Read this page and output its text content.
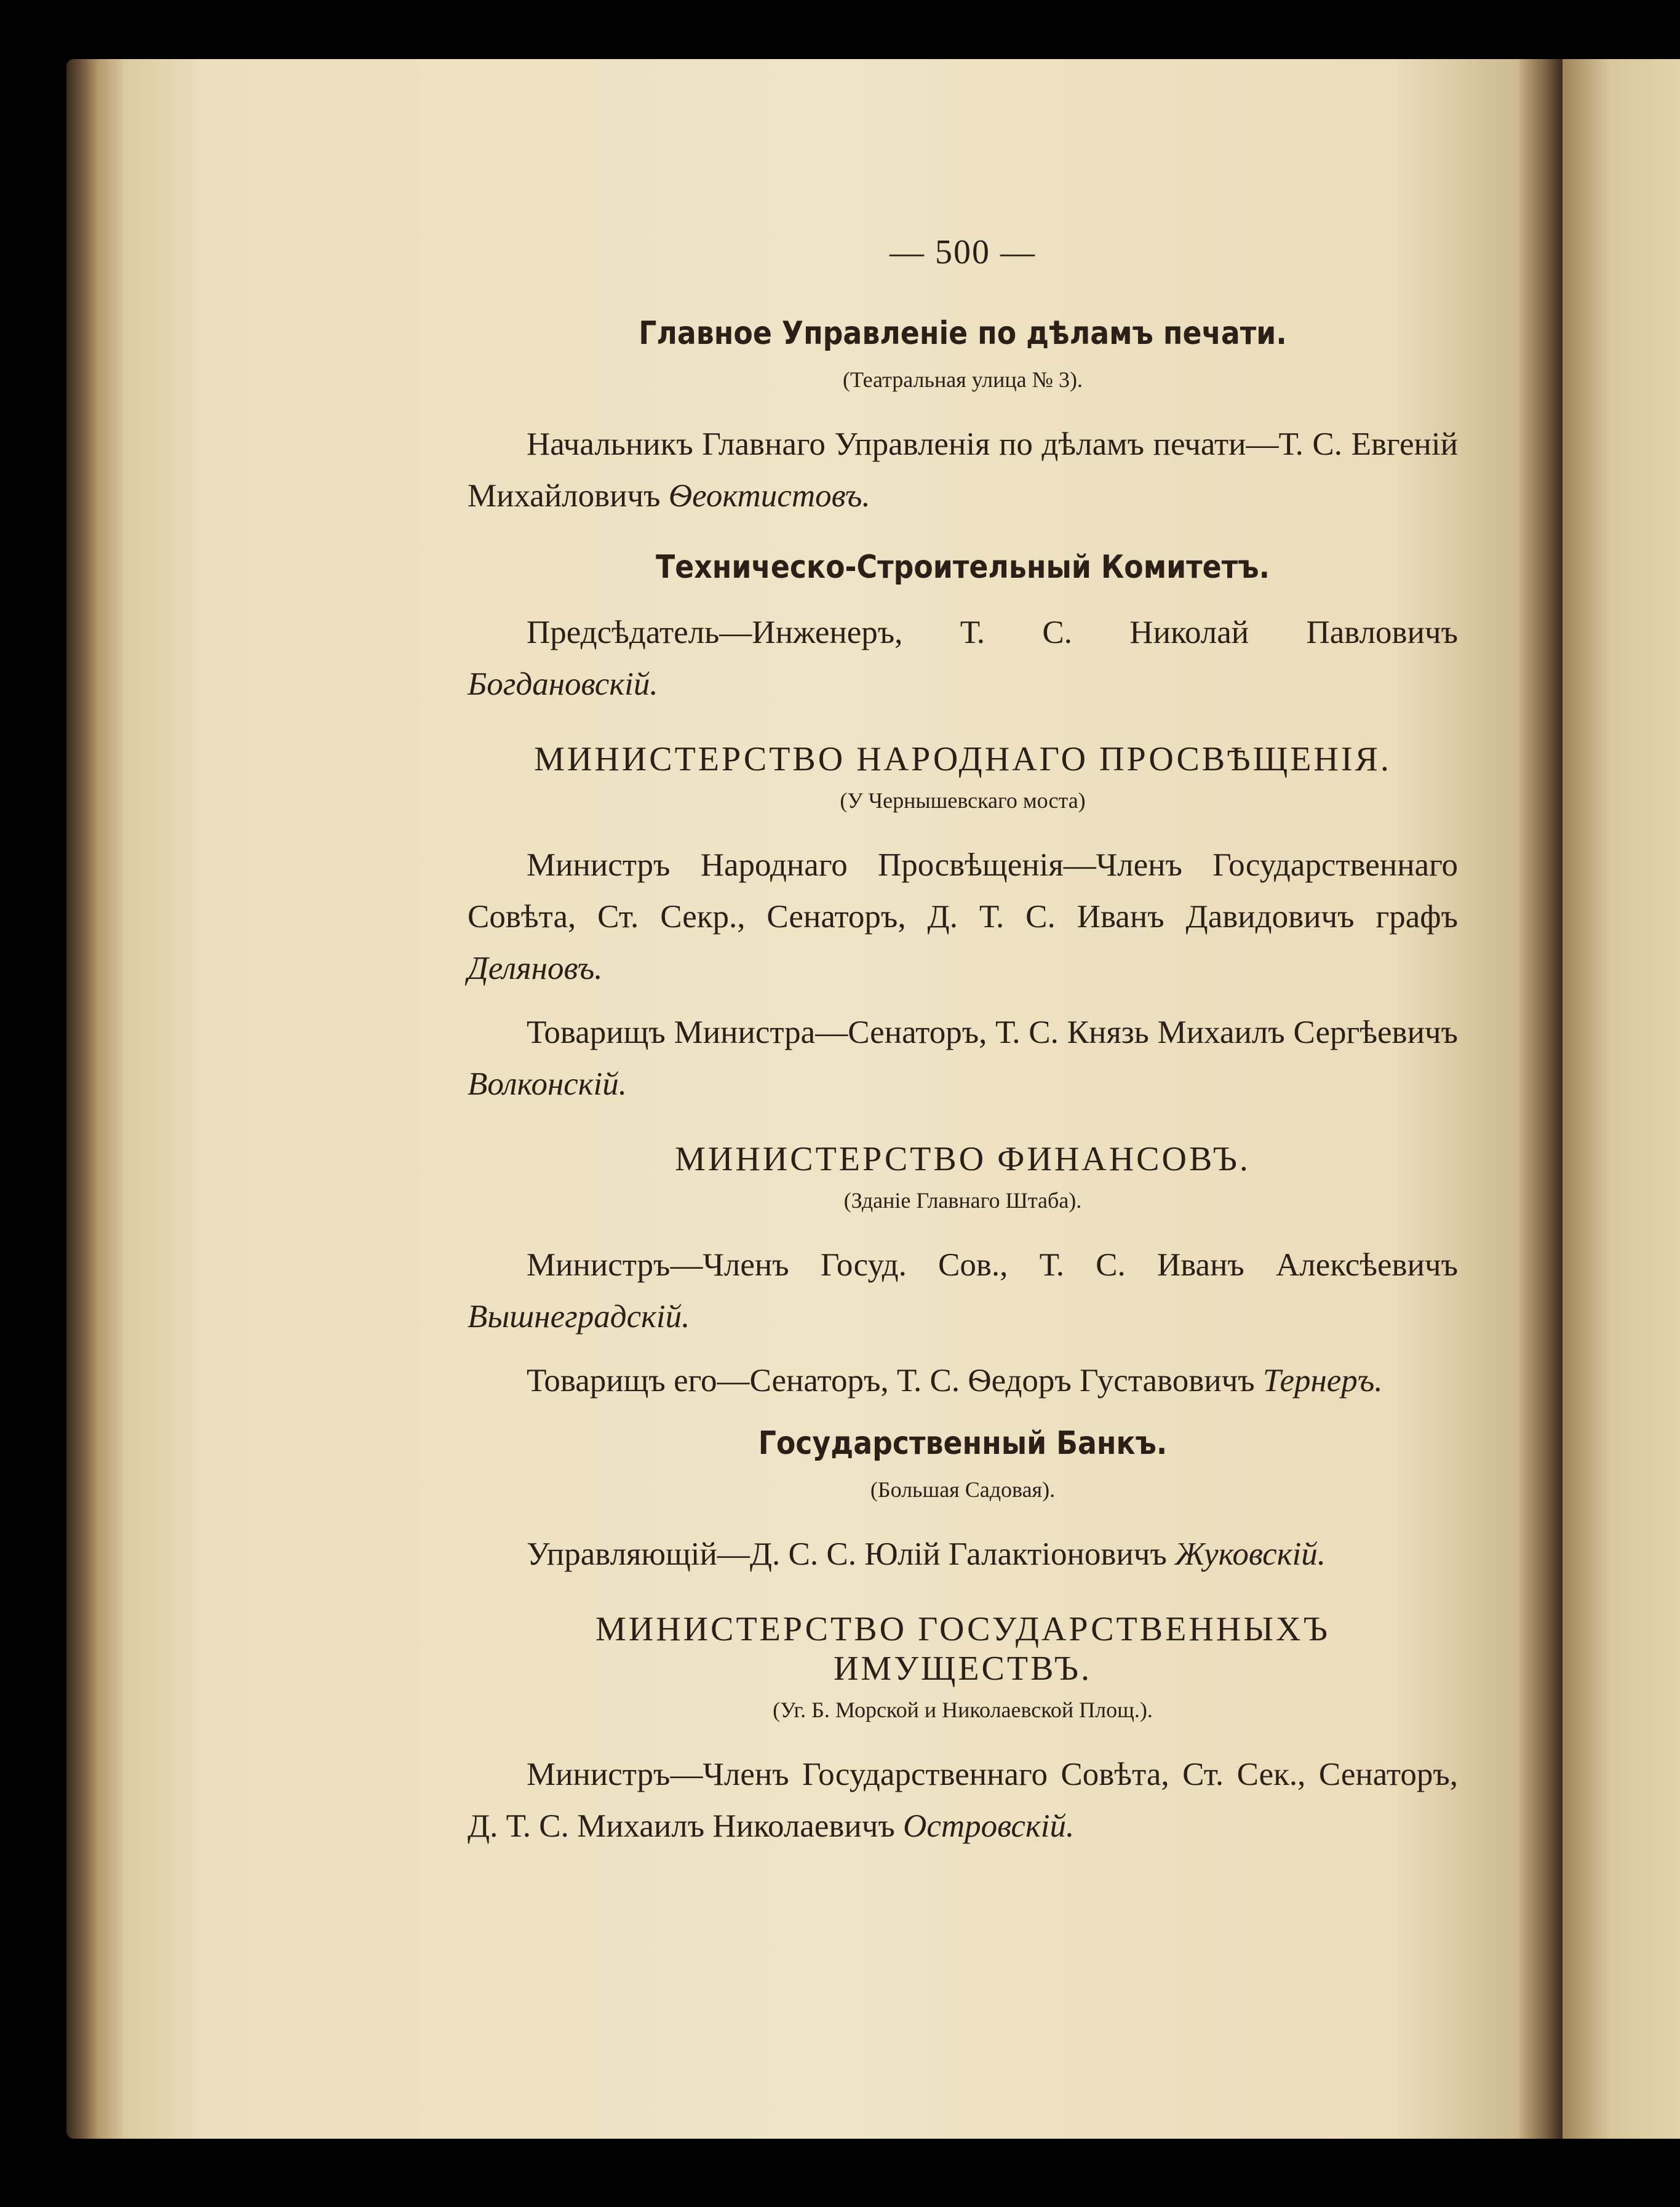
— 500 —
Главное Управленіе по дѣламъ печати.
(Театральная улица № 3).

Начальникъ Главнаго Управленія по дѣламъ печати—Т. С. Евгеній Михайловичъ Ѳеоктистовъ.

Техническо-Строительный Комитетъ.

Предсѣдатель—Инженеръ, Т. С. Николай Павловичъ Богдановскій.

МИНИСТЕРСТВО НАРОДНАГО ПРОСВѢЩЕНІЯ.
(У Чернышевскаго моста)

Министръ Народнаго Просвѣщенія—Членъ Государственнаго Совѣта, Ст. Секр., Сенаторъ, Д. Т. С. Иванъ Давидовичъ графъ Деляновъ.

Товарищъ Министра—Сенаторъ, Т. С. Князь Михаилъ Сергѣевичъ Волконскій.

МИНИСТЕРСТВО ФИНАНСОВЪ.
(Зданіе Главнаго Штаба).

Министръ—Членъ Госуд. Сов., Т. С. Иванъ Алексѣевичъ Вышнеградскій.

Товарищъ его—Сенаторъ, Т. С. Ѳедоръ Густавовичъ Тернеръ.

Государственный Банкъ.
(Большая Садовая).

Управляющій—Д. С. С. Юлій Галактіоновичъ Жуковскій.

МИНИСТЕРСТВО ГОСУДАРСТВЕННЫХЪ ИМУЩЕСТВЪ.
(Уг. Б. Морской и Николаевской Площ.).

Министръ—Членъ Государственнаго Совѣта, Ст. Сек., Сенаторъ, Д. Т. С. Михаилъ Николаевичъ Островскій.
